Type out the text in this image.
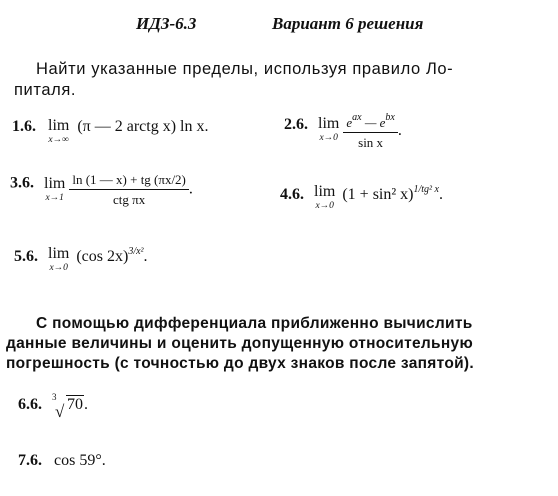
ИДЗ-6.3	Вариант 6 решения
Найти указанные пределы, используя правило Ло-
питаля.
1.6. lim
x→∞
(π — 2 arctg x) ln x.	2.6. lim
x→0
$\frac{e^{ax} — e^{bx}}{\text{sin x}}$ .
3.6. lim
x→1
$\frac{\ln (1 — x) + tg (\pi x/2)}{\text{ctg πx}}$ .	4.6. lim
x→0
(1 + sin² x)$^{1/tg^2 x}$.
5.6. lim
x→0
(cos 2x)$^{3/x^2}$.
С помощью дифференциала приближенно вычислить
данные величины и оценить допущенную относительную
погрешность (с точностью до двух знаков после запятой).
6.6. 3
√ 70.
7.6. cos 59°.
